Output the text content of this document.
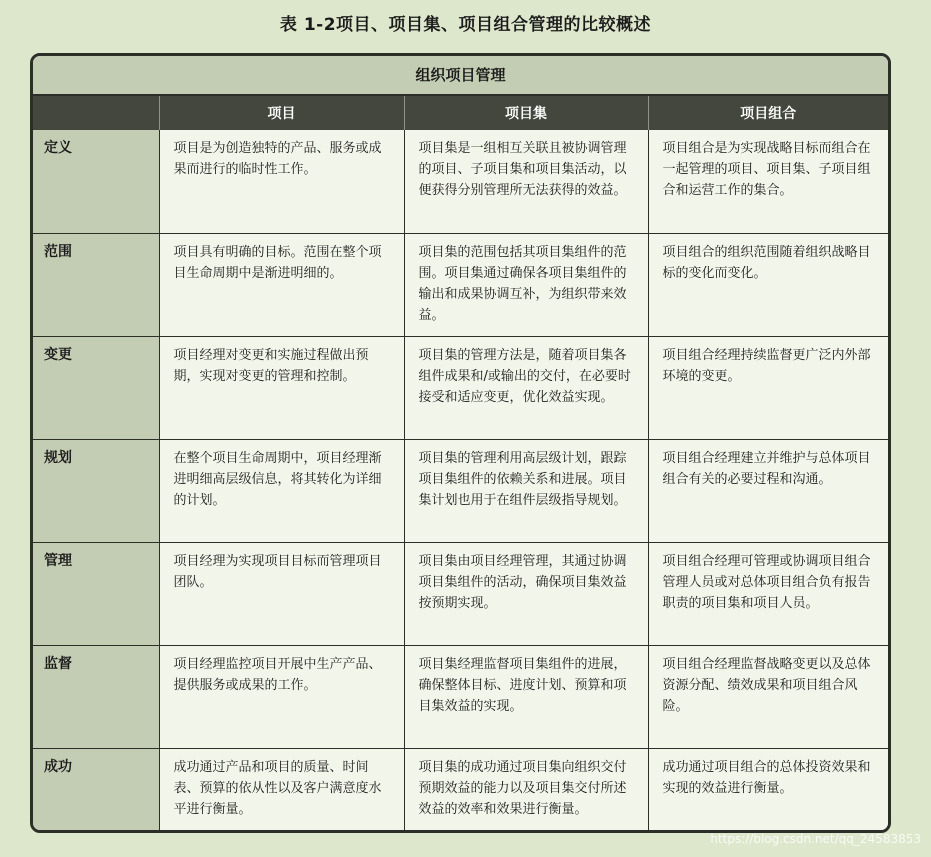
表 1-2项目、项目集、项目组合管理的比较概述
组织项目管理
	项目	项目集	项目组合
定义	项目是为创造独特的产品、服务或成果而进行的临时性工作。	项目集是一组相互关联且被协调管理的项目、子项目集和项目集活动，以便获得分别管理所无法获得的效益。	项目组合是为实现战略目标而组合在一起管理的项目、项目集、子项目组合和运营工作的集合。
范围	项目具有明确的目标。范围在整个项目生命周期中是渐进明细的。	项目集的范围包括其项目集组件的范围。项目集通过确保各项目集组件的输出和成果协调互补，为组织带来效益。	项目组合的组织范围随着组织战略目标的变化而变化。
变更	项目经理对变更和实施过程做出预期，实现对变更的管理和控制。	项目集的管理方法是，随着项目集各组件成果和/或输出的交付，在必要时接受和适应变更，优化效益实现。	项目组合经理持续监督更广泛内外部环境的变更。
规划	在整个项目生命周期中，项目经理渐进明细高层级信息，将其转化为详细的计划。	项目集的管理利用高层级计划，跟踪项目集组件的依赖关系和进展。项目集计划也用于在组件层级指导规划。	项目组合经理建立并维护与总体项目组合有关的必要过程和沟通。
管理	项目经理为实现项目目标而管理项目团队。	项目集由项目经理管理，其通过协调项目集组件的活动，确保项目集效益按预期实现。	项目组合经理可管理或协调项目组合管理人员或对总体项目组合负有报告职责的项目集和项目人员。
监督	项目经理监控项目开展中生产产品、提供服务或成果的工作。	项目集经理监督项目集组件的进展，确保整体目标、进度计划、预算和项目集效益的实现。	项目组合经理监督战略变更以及总体资源分配、绩效成果和项目组合风险。
成功	成功通过产品和项目的质量、时间表、预算的依从性以及客户满意度水平进行衡量。	项目集的成功通过项目集向组织交付预期效益的能力以及项目集交付所述效益的效率和效果进行衡量。	成功通过项目组合的总体投资效果和实现的效益进行衡量。
https://blog.csdn.net/qq_24583853
